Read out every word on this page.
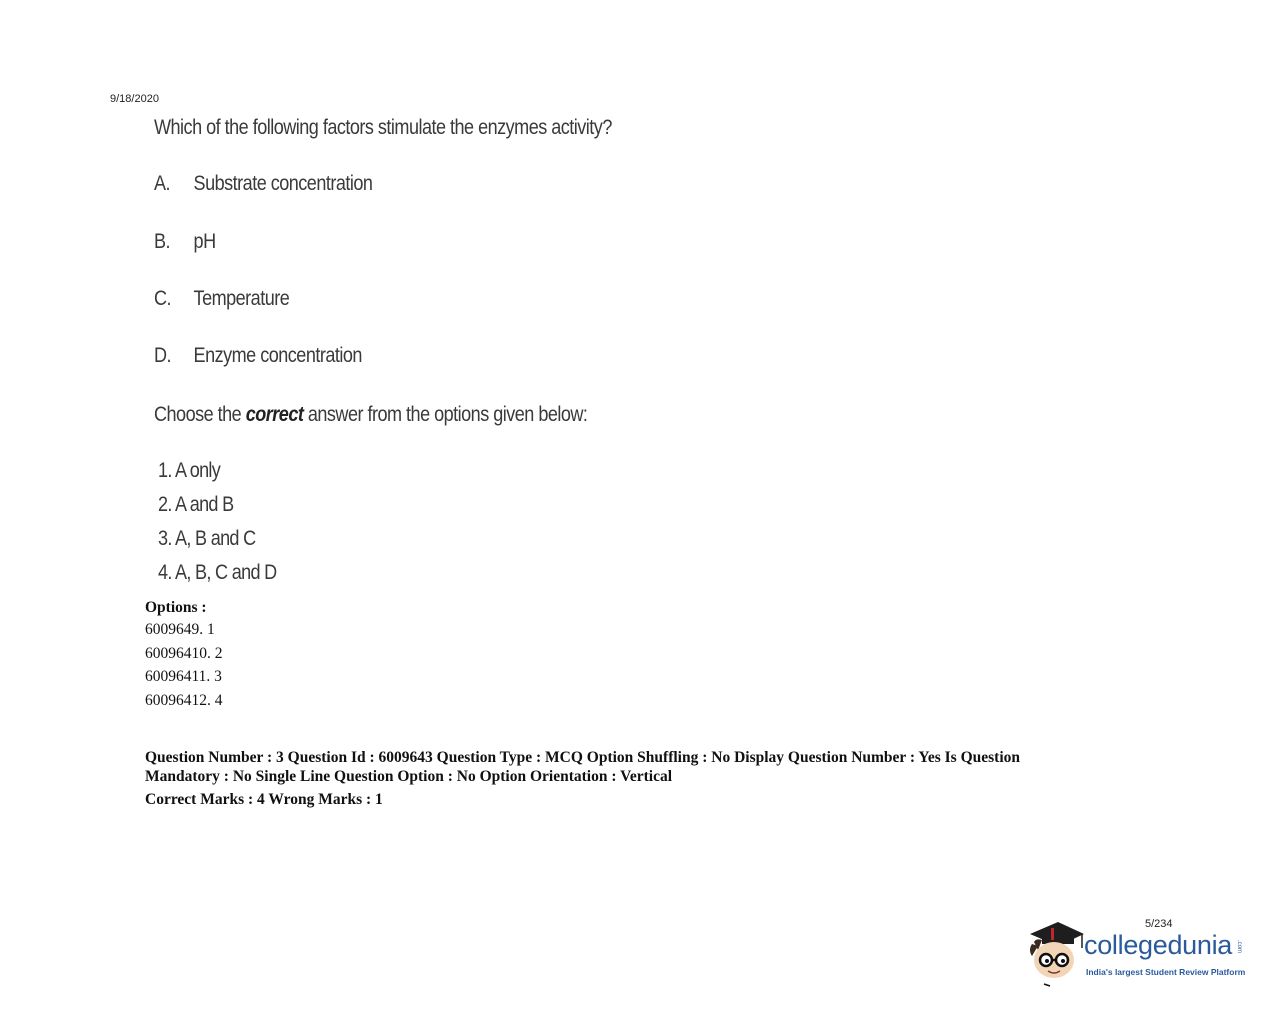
9/18/2020
Which of the following factors stimulate the enzymes activity?
A. Substrate concentration
B. pH
C. Temperature
D. Enzyme concentration
Choose the correct answer from the options given below:
1. A only
2. A and B
3. A, B and C
4. A, B, C and D
Options :
6009649. 1
60096410. 2
60096411. 3
60096412. 4
Question Number : 3 Question Id : 6009643 Question Type : MCQ Option Shuffling : No Display Question Number : Yes Is Question
Mandatory : No Single Line Question Option : No Option Orientation : Vertical
Correct Marks : 4 Wrong Marks : 1
5/234
collegedunia .com
India's largest Student Review Platform
